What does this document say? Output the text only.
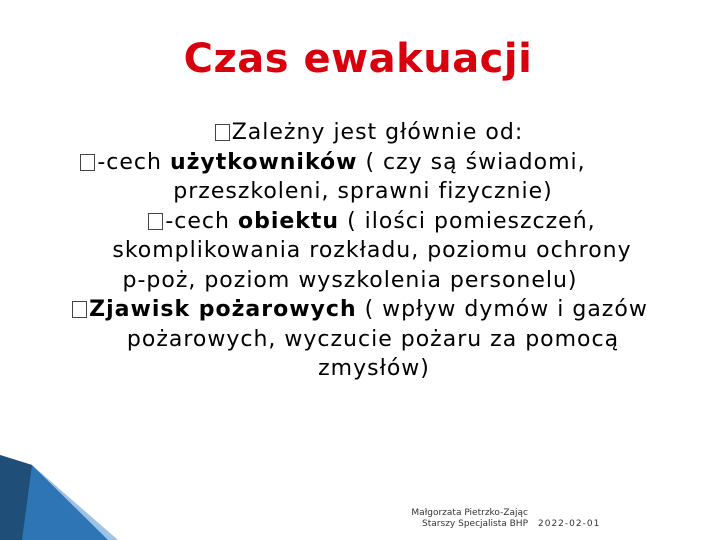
Czas ewakuacji
Zależny jest głównie od:
-cech użytkowników ( czy są świadomi,
przeszkoleni, sprawni fizycznie)
-cech obiektu ( ilości pomieszczeń,
skomplikowania rozkładu, poziomu ochrony
p-poż, poziom wyszkolenia personelu)
Zjawisk pożarowych ( wpływ dymów i gazów
pożarowych, wyczucie pożaru za pomocą
zmysłów)
Małgorzata Pietrzko-Zając
Starszy Specjalista BHP 2022-02-01
